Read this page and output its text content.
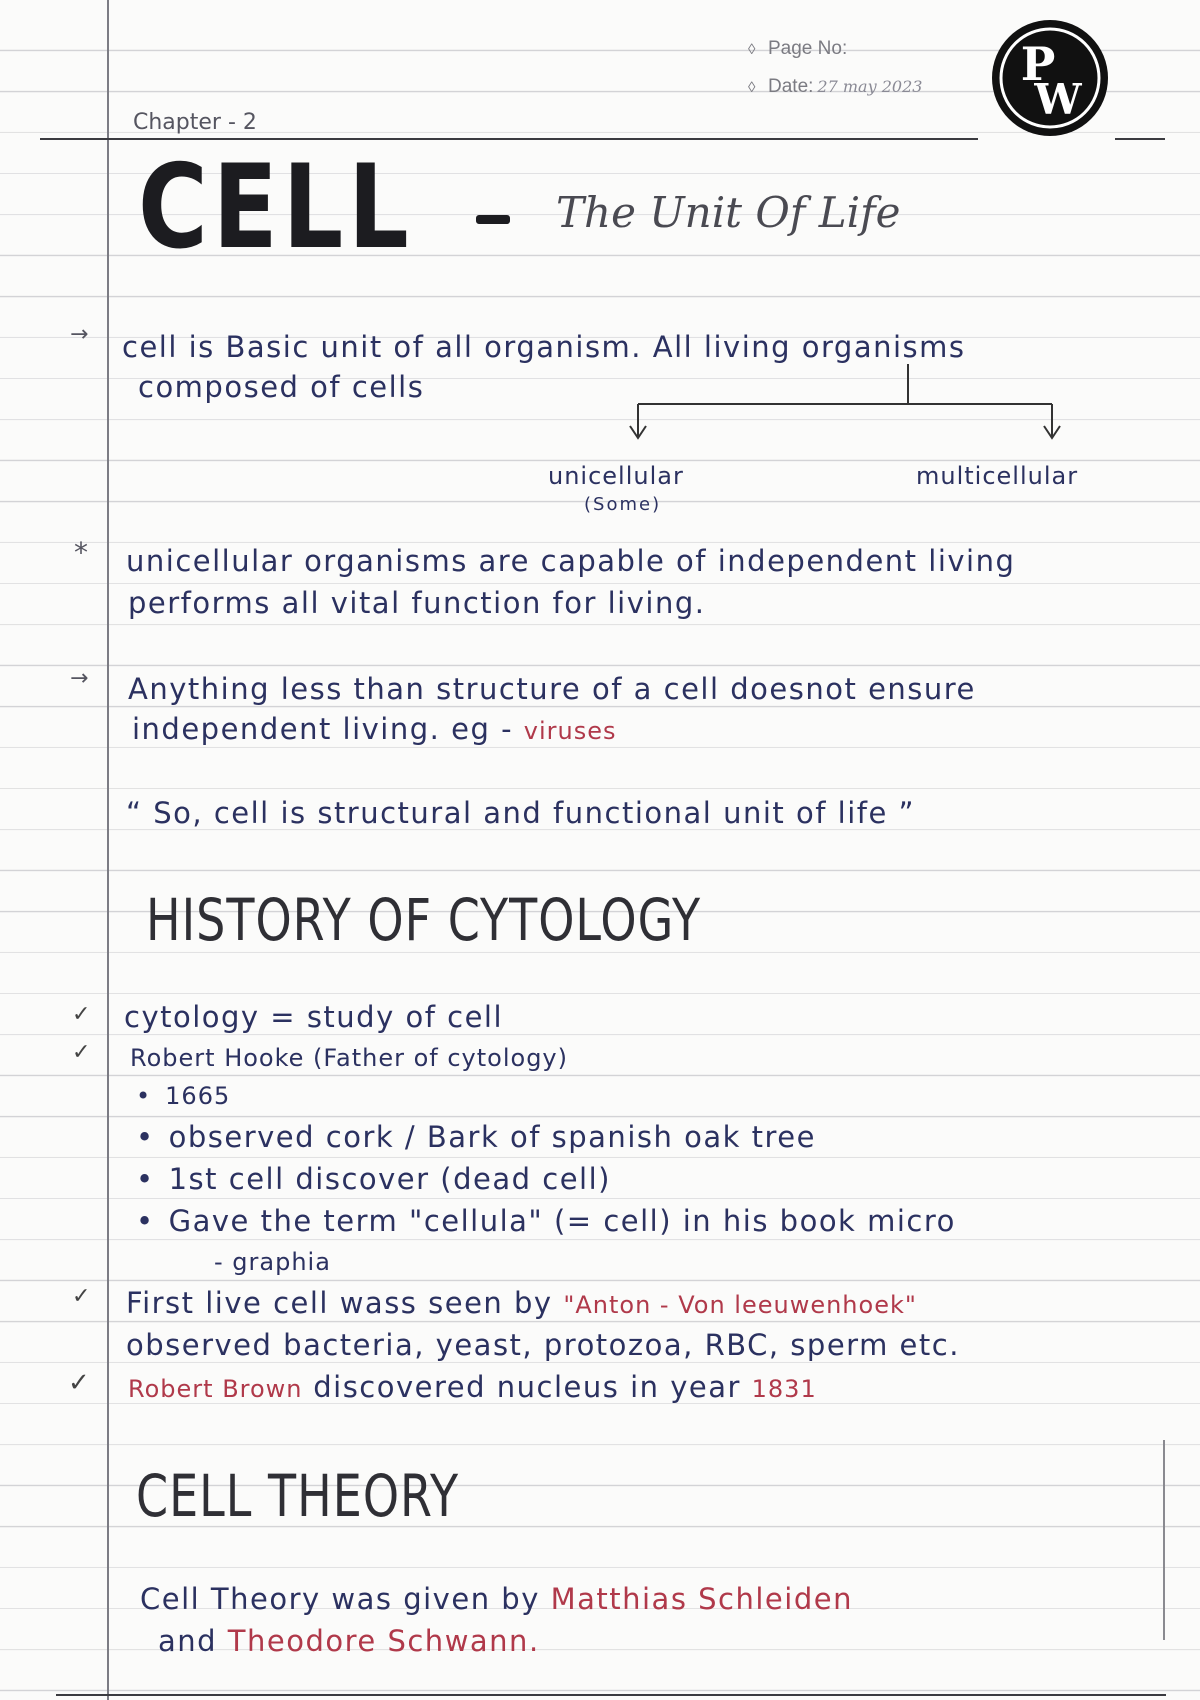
◊ Page No:
◊ Date: 27 may 2023 P
W
Chapter - 2
CELL	The Unit Of Life
→ cell is Basic unit of all organism. All living organisms
composed of cells
unicellular
(Some)
multicellular
* unicellular organisms are capable of independent living
performs all vital function for living.
→ Anything less than structure of a cell doesnot ensure
independent living. eg - viruses
“ So, cell is structural and functional unit of life ”
HISTORY OF CYTOLOGY
✓ cytology = study of cell
✓ Robert Hooke (Father of cytology)
• 1665
• observed cork / Bark of spanish oak tree
• 1st cell discover (dead cell)
• Gave the term "cellula" (= cell) in his book micro
- graphia
✓ First live cell wass seen by "Anton - Von leeuwenhoek"
observed bacteria, yeast, protozoa, RBC, sperm etc.
✓ Robert Brown discovered nucleus in year 1831
CELL THEORY
Cell Theory was given by Matthias Schleiden
and Theodore Schwann.
